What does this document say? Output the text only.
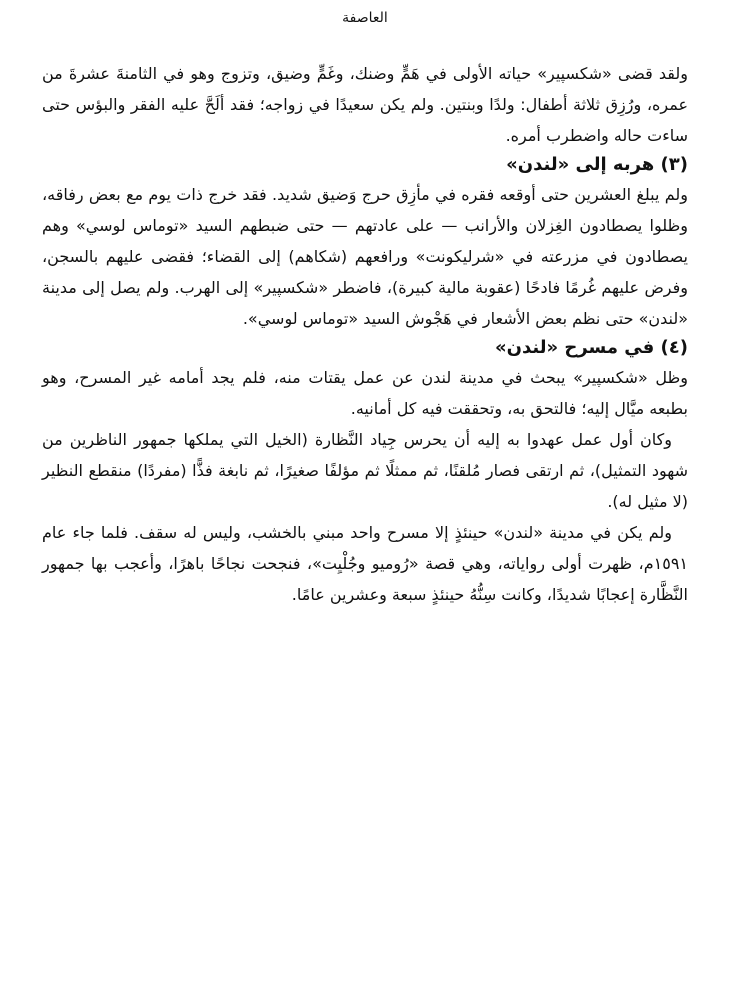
العاصفة

ولقد قضى «شكسپير» حياته الأولى في هَمٍّ وضنك، وغَمٍّ وضيق، وتزوج وهو في الثامنةَ عشرةَ من عمره، ورُزِق ثلاثة أطفال: ولدًا وبنتين. ولم يكن سعيدًا في زواجه؛ فقد ألَحَّ عليه الفقر والبؤس حتى ساءت حاله واضطرب أمره.

(٣) هربه إلى «لندن»

ولم يبلغ العشرين حتى أوقعه فقره في مأزِق حرج وَضيق شديد. فقد خرج ذات يوم مع بعض رفاقه، وظلوا يصطادون الغِزلان والأرانب — على عادتهم — حتى ضبطهم السيد «توماس لوسي» وهم يصطادون في مزرعته في «شرليكونت» ورافعهم (شكاهم) إلى القضاء؛ فقضى عليهم بالسجن، وفرض عليهم غُرمًا فادحًا (عقوبة مالية كبيرة)، فاضطر «شكسپير» إلى الهرب. ولم يصل إلى مدينة «لندن» حتى نظم بعض الأشعار في هَجْوش السيد «توماس لوسي».

(٤) في مسرح «لندن»

وظل «شكسپير» يبحث في مدينة لندن عن عمل يقتات منه، فلم يجد أمامه غير المسرح، وهو بطبعه ميَّال إليه؛ فالتحق به، وتحققت فيه كل أمانيه.

وكان أول عمل عهدوا به إليه أن يحرس جِياد النَّظارة (الخيل التي يملكها جمهور الناظرين من شهود التمثيل)، ثم ارتقى فصار مُلقنًا، ثم ممثلًا ثم مؤلفًا صغيرًا، ثم نابغة فذًّا (مفردًا) منقطع النظير (لا مثيل له).

ولم يكن في مدينة «لندن» حينئذٍ إلا مسرح واحد مبني بالخشب، وليس له سقف. فلما جاء عام ١٥٩١م، ظهرت أولى رواياته، وهي قصة «رُوميو وجُلْيِت»، فنجحت نجاحًا باهرًا، وأعجب بها جمهور النَّظَّارة إعجابًا شديدًا، وكانت سِنُّهُ حينئذٍ سبعة وعشرين عامًا.
